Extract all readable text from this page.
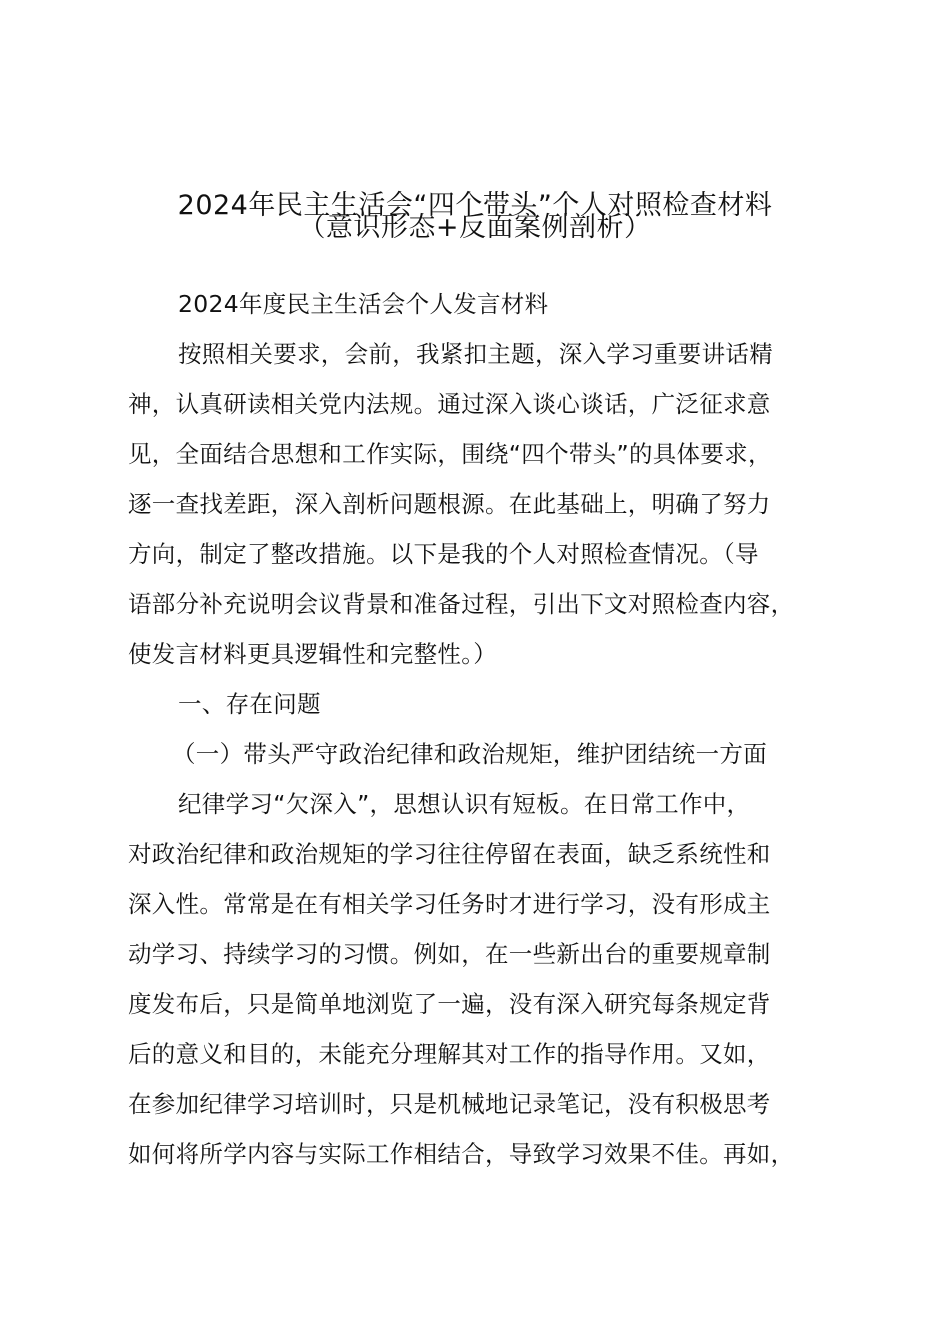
2024年民主生活会“四个带头”个人对照检查材料
（意识形态+反面案例剖析）
2024年度民主生活会个人发言材料
按照相关要求，会前，我紧扣主题，深入学习重要讲话精
神，认真研读相关党内法规。通过深入谈心谈话，广泛征求意
见，全面结合思想和工作实际，围绕“四个带头”的具体要求，
逐一查找差距，深入剖析问题根源。在此基础上，明确了努力
方向，制定了整改措施。以下是我的个人对照检查情况。（导
语部分补充说明会议背景和准备过程，引出下文对照检查内容，
使发言材料更具逻辑性和完整性。）
一、存在问题
（一）带头严守政治纪律和政治规矩，维护团结统一方面
纪律学习“欠深入”，思想认识有短板。在日常工作中，
对政治纪律和政治规矩的学习往往停留在表面，缺乏系统性和
深入性。常常是在有相关学习任务时才进行学习，没有形成主
动学习、持续学习的习惯。例如，在一些新出台的重要规章制
度发布后，只是简单地浏览了一遍，没有深入研究每条规定背
后的意义和目的，未能充分理解其对工作的指导作用。又如，
在参加纪律学习培训时，只是机械地记录笔记，没有积极思考
如何将所学内容与实际工作相结合，导致学习效果不佳。再如，
